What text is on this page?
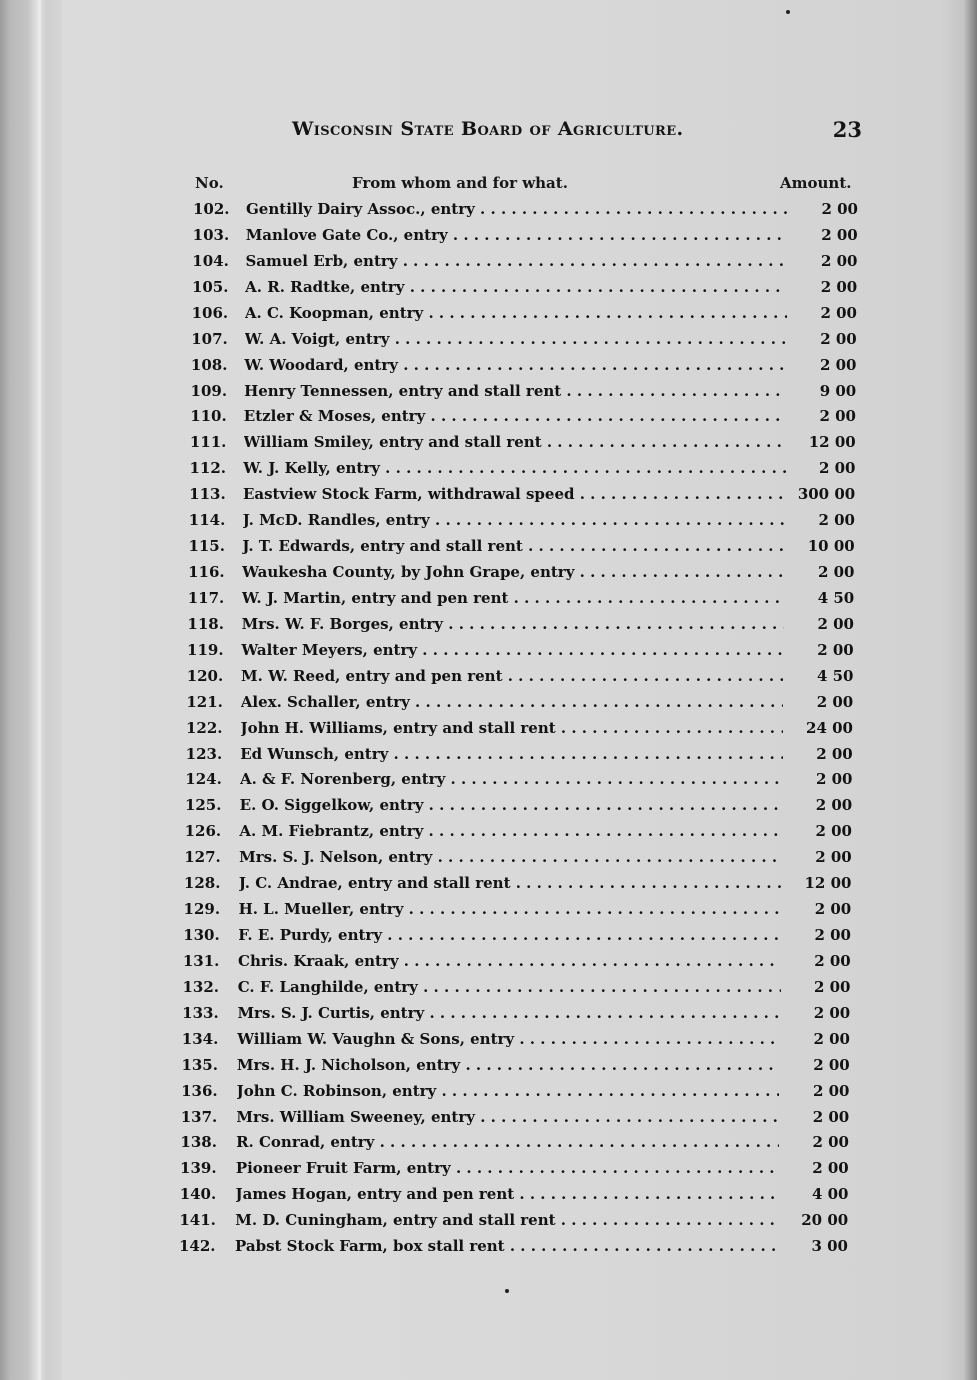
Wisconsin State Board of Agriculture.	23
No.	From whom and for what.	Amount.
102. Gentilly Dairy Assoc., entry . . .	2 00
103. Manlove Gate Co., entry . . .	2 00
104. Samuel Erb, entry . . .	2 00
105. A. R. Radtke, entry . . .	2 00
106. A. C. Koopman, entry . . .	2 00
107. W. A. Voigt, entry . . .	2 00
108. W. Woodard, entry . . .	2 00
109. Henry Tennessen, entry and stall rent . . .	9 00
110. Etzler & Moses, entry . . .	2 00
111. William Smiley, entry and stall rent . . .	12 00
112. W. J. Kelly, entry . . .	2 00
113. Eastview Stock Farm, withdrawal speed . . .	300 00
114. J. McD. Randles, entry . . .	2 00
115. J. T. Edwards, entry and stall rent . . .	10 00
116. Waukesha County, by John Grape, entry . . .	2 00
117. W. J. Martin, entry and pen rent . . .	4 50
118. Mrs. W. F. Borges, entry . . .	2 00
119. Walter Meyers, entry . . .	2 00
120. M. W. Reed, entry and pen rent . . .	4 50
121. Alex. Schaller, entry . . .	2 00
122. John H. Williams, entry and stall rent . . .	24 00
123. Ed Wunsch, entry . . .	2 00
124. A. & F. Norenberg, entry . . .	2 00
125. E. O. Siggelkow, entry . . .	2 00
126. A. M. Fiebrantz, entry . . .	2 00
127. Mrs. S. J. Nelson, entry . . .	2 00
128. J. C. Andrae, entry and stall rent . . .	12 00
129. H. L. Mueller, entry . . .	2 00
130. F. E. Purdy, entry . . .	2 00
131. Chris. Kraak, entry . . .	2 00
132. C. F. Langhilde, entry . . .	2 00
133. Mrs. S. J. Curtis, entry . . .	2 00
134. William W. Vaughn & Sons, entry . . .	2 00
135. Mrs. H. J. Nicholson, entry . . .	2 00
136. John C. Robinson, entry . . .	2 00
137. Mrs. William Sweeney, entry . . .	2 00
138. R. Conrad, entry . . .	2 00
139. Pioneer Fruit Farm, entry . . .	2 00
140. James Hogan, entry and pen rent . . .	4 00
141. M. D. Cuningham, entry and stall rent . . .	20 00
142. Pabst Stock Farm, box stall rent . . .	3 00
